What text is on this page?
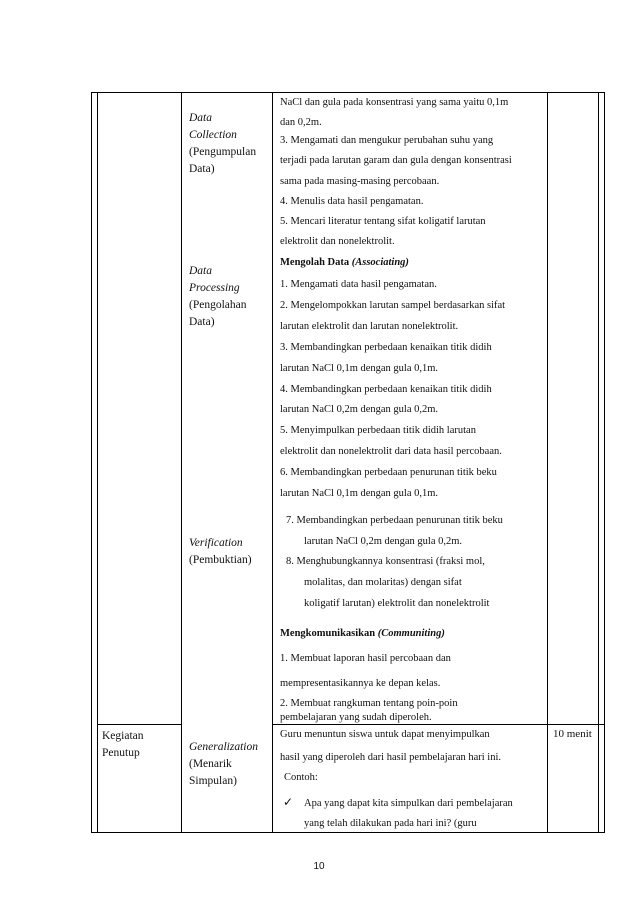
Data
Collection
(Pengumpulan
Data)
Data
Processing
(Pengolahan
Data)
Verification
(Pembuktian)
Generalization
(Menarik
Simpulan)
Kegiatan
Penutup
NaCl dan gula pada konsentrasi yang sama yaitu 0,1m
dan 0,2m.
3. Mengamati dan mengukur perubahan suhu yang
terjadi pada larutan garam dan gula dengan konsentrasi
sama pada masing-masing percobaan.
4. Menulis data hasil pengamatan.
5. Mencari literatur tentang sifat koligatif larutan
elektrolit dan nonelektrolit.
Mengolah Data (Associating)
1. Mengamati data hasil pengamatan.
2. Mengelompokkan larutan sampel berdasarkan sifat
larutan elektrolit dan larutan nonelektrolit.
3. Membandingkan perbedaan kenaikan titik didih
larutan NaCl 0,1m dengan gula 0,1m.
4. Membandingkan perbedaan kenaikan titik didih
larutan NaCl 0,2m dengan gula 0,2m.
5. Menyimpulkan perbedaan titik didih larutan
elektrolit dan nonelektrolit dari data hasil percobaan.
6. Membandingkan perbedaan penurunan titik beku
larutan NaCl 0,1m dengan gula 0,1m.
7. Membandingkan perbedaan penurunan titik beku
larutan NaCl 0,2m dengan gula 0,2m.
8. Menghubungkannya konsentrasi (fraksi mol,
molalitas, dan molaritas) dengan sifat
koligatif larutan) elektrolit dan nonelektrolit
Mengkomunikasikan (Communiting)
1. Membuat laporan hasil percobaan dan
mempresentasikannya ke depan kelas.
2. Membuat rangkuman tentang poin-poin
pembelajaran yang sudah diperoleh.
Guru menuntun siswa untuk dapat menyimpulkan
hasil yang diperoleh dari hasil pembelajaran hari ini.
Contoh:
✓ Apa yang dapat kita simpulkan dari pembelajaran
yang telah dilakukan pada hari ini? (guru
10 menit
10
